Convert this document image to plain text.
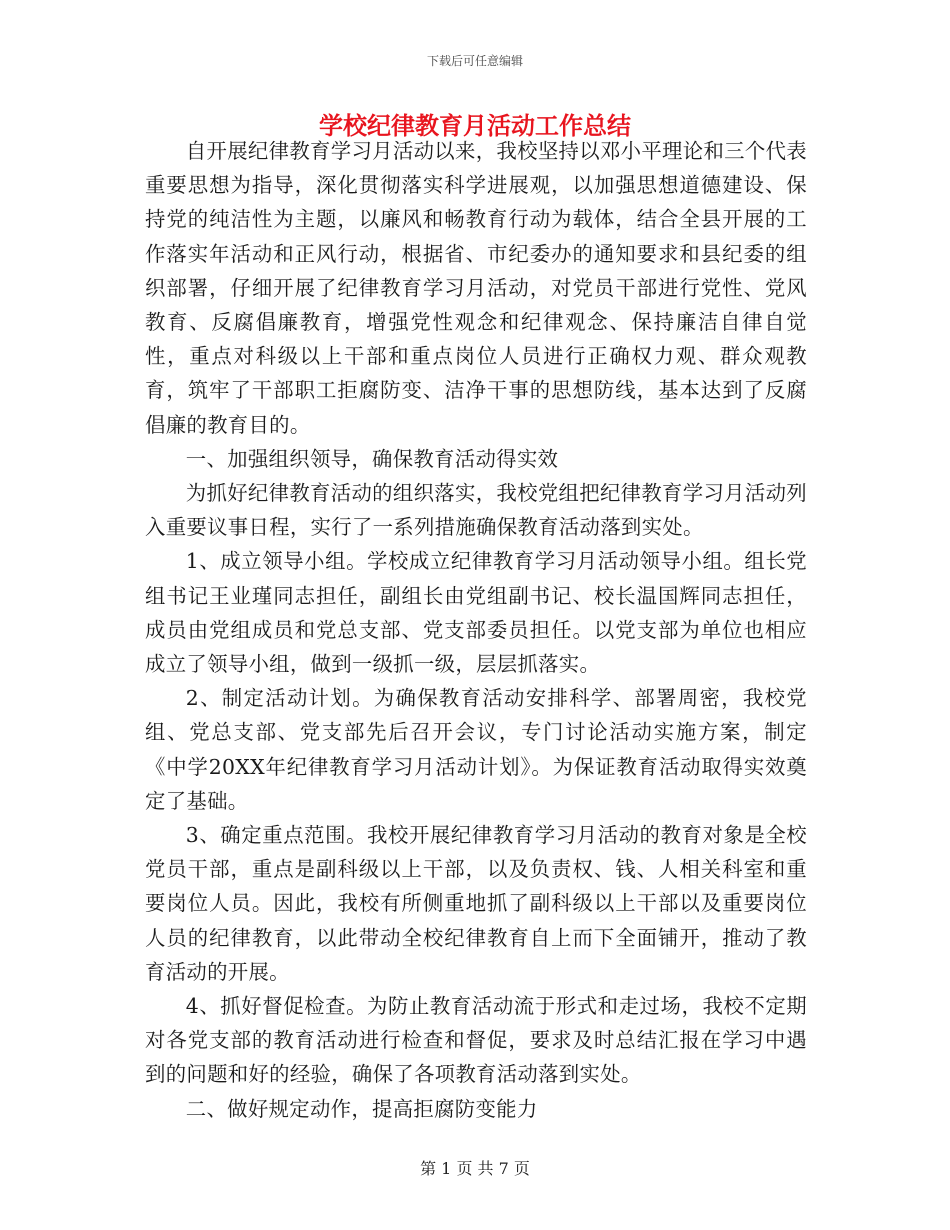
下载后可任意编辑
学校纪律教育月活动工作总结

自开展纪律教育学习月活动以来，我校坚持以邓小平理论和三个代表重要思想为指导，深化贯彻落实科学进展观，以加强思想道德建设、保持党的纯洁性为主题，以廉风和畅教育行动为载体，结合全县开展的工作落实年活动和正风行动，根据省、市纪委办的通知要求和县纪委的组织部署，仔细开展了纪律教育学习月活动，对党员干部进行党性、党风教育、反腐倡廉教育，增强党性观念和纪律观念、保持廉洁自律自觉性，重点对科级以上干部和重点岗位人员进行正确权力观、群众观教育，筑牢了干部职工拒腐防变、洁净干事的思想防线，基本达到了反腐倡廉的教育目的。

一、加强组织领导，确保教育活动得实效

为抓好纪律教育活动的组织落实，我校党组把纪律教育学习月活动列入重要议事日程，实行了一系列措施确保教育活动落到实处。

1、成立领导小组。学校成立纪律教育学习月活动领导小组。组长党组书记王业瑾同志担任，副组长由党组副书记、校长温国辉同志担任，成员由党组成员和党总支部、党支部委员担任。以党支部为单位也相应成立了领导小组，做到一级抓一级，层层抓落实。

2、制定活动计划。为确保教育活动安排科学、部署周密，我校党组、党总支部、党支部先后召开会议，专门讨论活动实施方案，制定《中学20XX年纪律教育学习月活动计划》。为保证教育活动取得实效奠定了基础。

3、确定重点范围。我校开展纪律教育学习月活动的教育对象是全校党员干部，重点是副科级以上干部，以及负责权、钱、人相关科室和重要岗位人员。因此，我校有所侧重地抓了副科级以上干部以及重要岗位人员的纪律教育，以此带动全校纪律教育自上而下全面铺开，推动了教育活动的开展。

4、抓好督促检查。为防止教育活动流于形式和走过场，我校不定期对各党支部的教育活动进行检查和督促，要求及时总结汇报在学习中遇到的问题和好的经验，确保了各项教育活动落到实处。

二、做好规定动作，提高拒腐防变能力

第 1 页 共 7 页
